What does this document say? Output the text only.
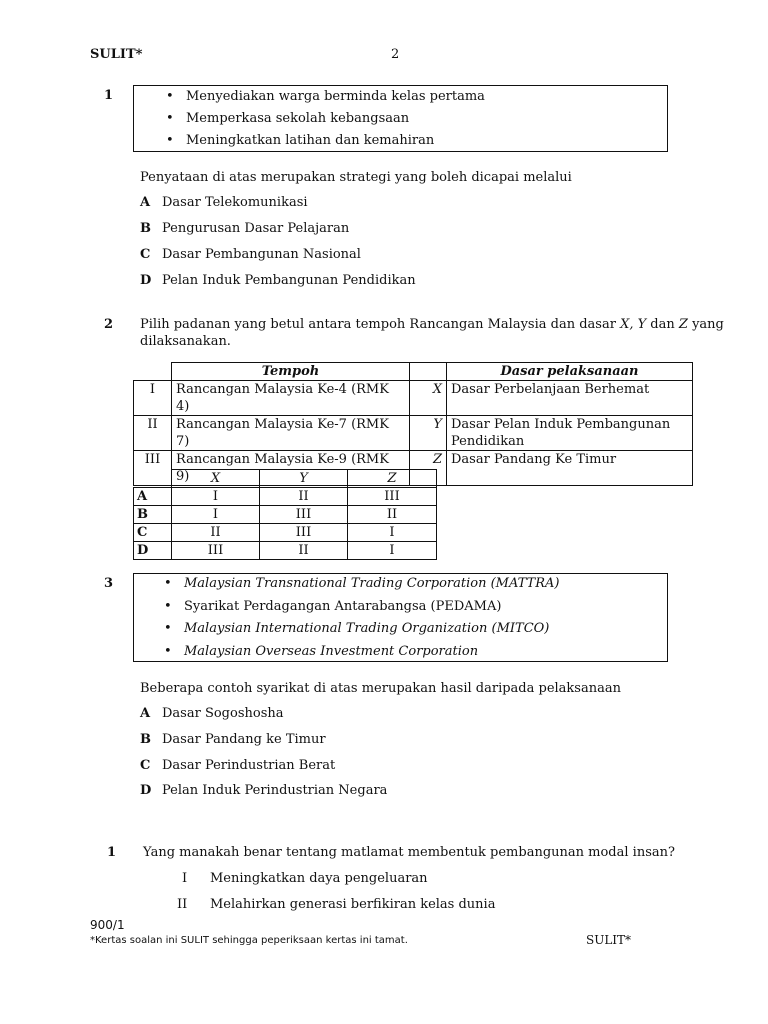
SULIT*	2
1	• Menyediakan warga berminda kelas pertama
• Memperkasa sekolah kebangsaan
• Meningkatkan latihan dan kemahiran
Penyataan di atas merupakan strategi yang boleh dicapai melalui
A Dasar Telekomunikasi
B Pengurusan Dasar Pelajaran
C Dasar Pembangunan Nasional
D Pelan Induk Pembangunan Pendidikan
2 Pilih padanan yang betul antara tempoh Rancangan Malaysia dan dasar X, Y dan Z yang
dilaksanakan.
	Tempoh		Dasar pelaksanaan
I	Rancangan Malaysia Ke-4 (RMK 4)	X	Dasar Perbelanjaan Berhemat
II	Rancangan Malaysia Ke-7 (RMK 7)	Y	Dasar Pelan Induk Pembangunan
Pendidikan

III	Rancangan Malaysia Ke-9 (RMK 9)	Z	Dasar Pandang Ke Timur
	X	Y	Z
A	I	II	III
B	I	III	II
C	II	III	I
D	III	II	I
3	• Malaysian Transnational Trading Corporation (MATTRA)
• Syarikat Perdagangan Antarabangsa (PEDAMA)
• Malaysian International Trading Organization (MITCO)
• Malaysian Overseas Investment Corporation
Beberapa contoh syarikat di atas merupakan hasil daripada pelaksanaan
A Dasar Sogoshosha
B Dasar Pandang ke Timur
C Dasar Perindustrian Berat
D Pelan Induk Perindustrian Negara
1 Yang manakah benar tentang matlamat membentuk pembangunan modal insan?
I Meningkatkan daya pengeluaran
II Melahirkan generasi berfikiran kelas dunia
900/1
*Kertas soalan ini SULIT sehingga peperiksaan kertas ini tamat.	SULIT*
